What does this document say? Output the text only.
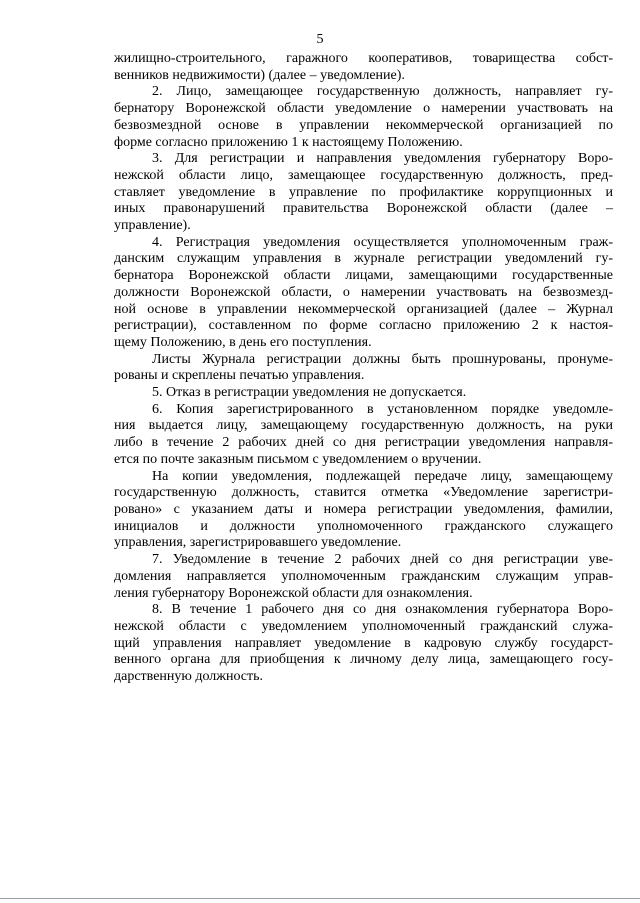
5
жилищно-строительного, гаражного кооперативов, товарищества собст-
венников недвижимости) (далее – уведомление).
2. Лицо, замещающее государственную должность, направляет гу-
бернатору Воронежской области уведомление о намерении участвовать на
безвозмездной основе в управлении некоммерческой организацией по
форме согласно приложению 1 к настоящему Положению.
3. Для регистрации и направления уведомления губернатору Воро-
нежской области лицо, замещающее государственную должность, пред-
ставляет уведомление в управление по профилактике коррупционных и
иных правонарушений правительства Воронежской области (далее –
управление).
4. Регистрация уведомления осуществляется уполномоченным граж-
данским служащим управления в журнале регистрации уведомлений гу-
бернатора Воронежской области лицами, замещающими государственные
должности Воронежской области, о намерении участвовать на безвозмезд-
ной основе в управлении некоммерческой организацией (далее – Журнал
регистрации), составленном по форме согласно приложению 2 к настоя-
щему Положению, в день его поступления.
Листы Журнала регистрации должны быть прошнурованы, пронуме-
рованы и скреплены печатью управления.
5. Отказ в регистрации уведомления не допускается.
6. Копия зарегистрированного в установленном порядке уведомле-
ния выдается лицу, замещающему государственную должность, на руки
либо в течение 2 рабочих дней со дня регистрации уведомления направля-
ется по почте заказным письмом с уведомлением о вручении.
На копии уведомления, подлежащей передаче лицу, замещающему
государственную должность, ставится отметка «Уведомление зарегистри-
ровано» с указанием даты и номера регистрации уведомления, фамилии,
инициалов и должности уполномоченного гражданского служащего
управления, зарегистрировавшего уведомление.
7. Уведомление в течение 2 рабочих дней со дня регистрации уве-
домления направляется уполномоченным гражданским служащим управ-
ления губернатору Воронежской области для ознакомления.
8. В течение 1 рабочего дня со дня ознакомления губернатора Воро-
нежской области с уведомлением уполномоченный гражданский служа-
щий управления направляет уведомление в кадровую службу государст-
венного органа для приобщения к личному делу лица, замещающего госу-
дарственную должность.
